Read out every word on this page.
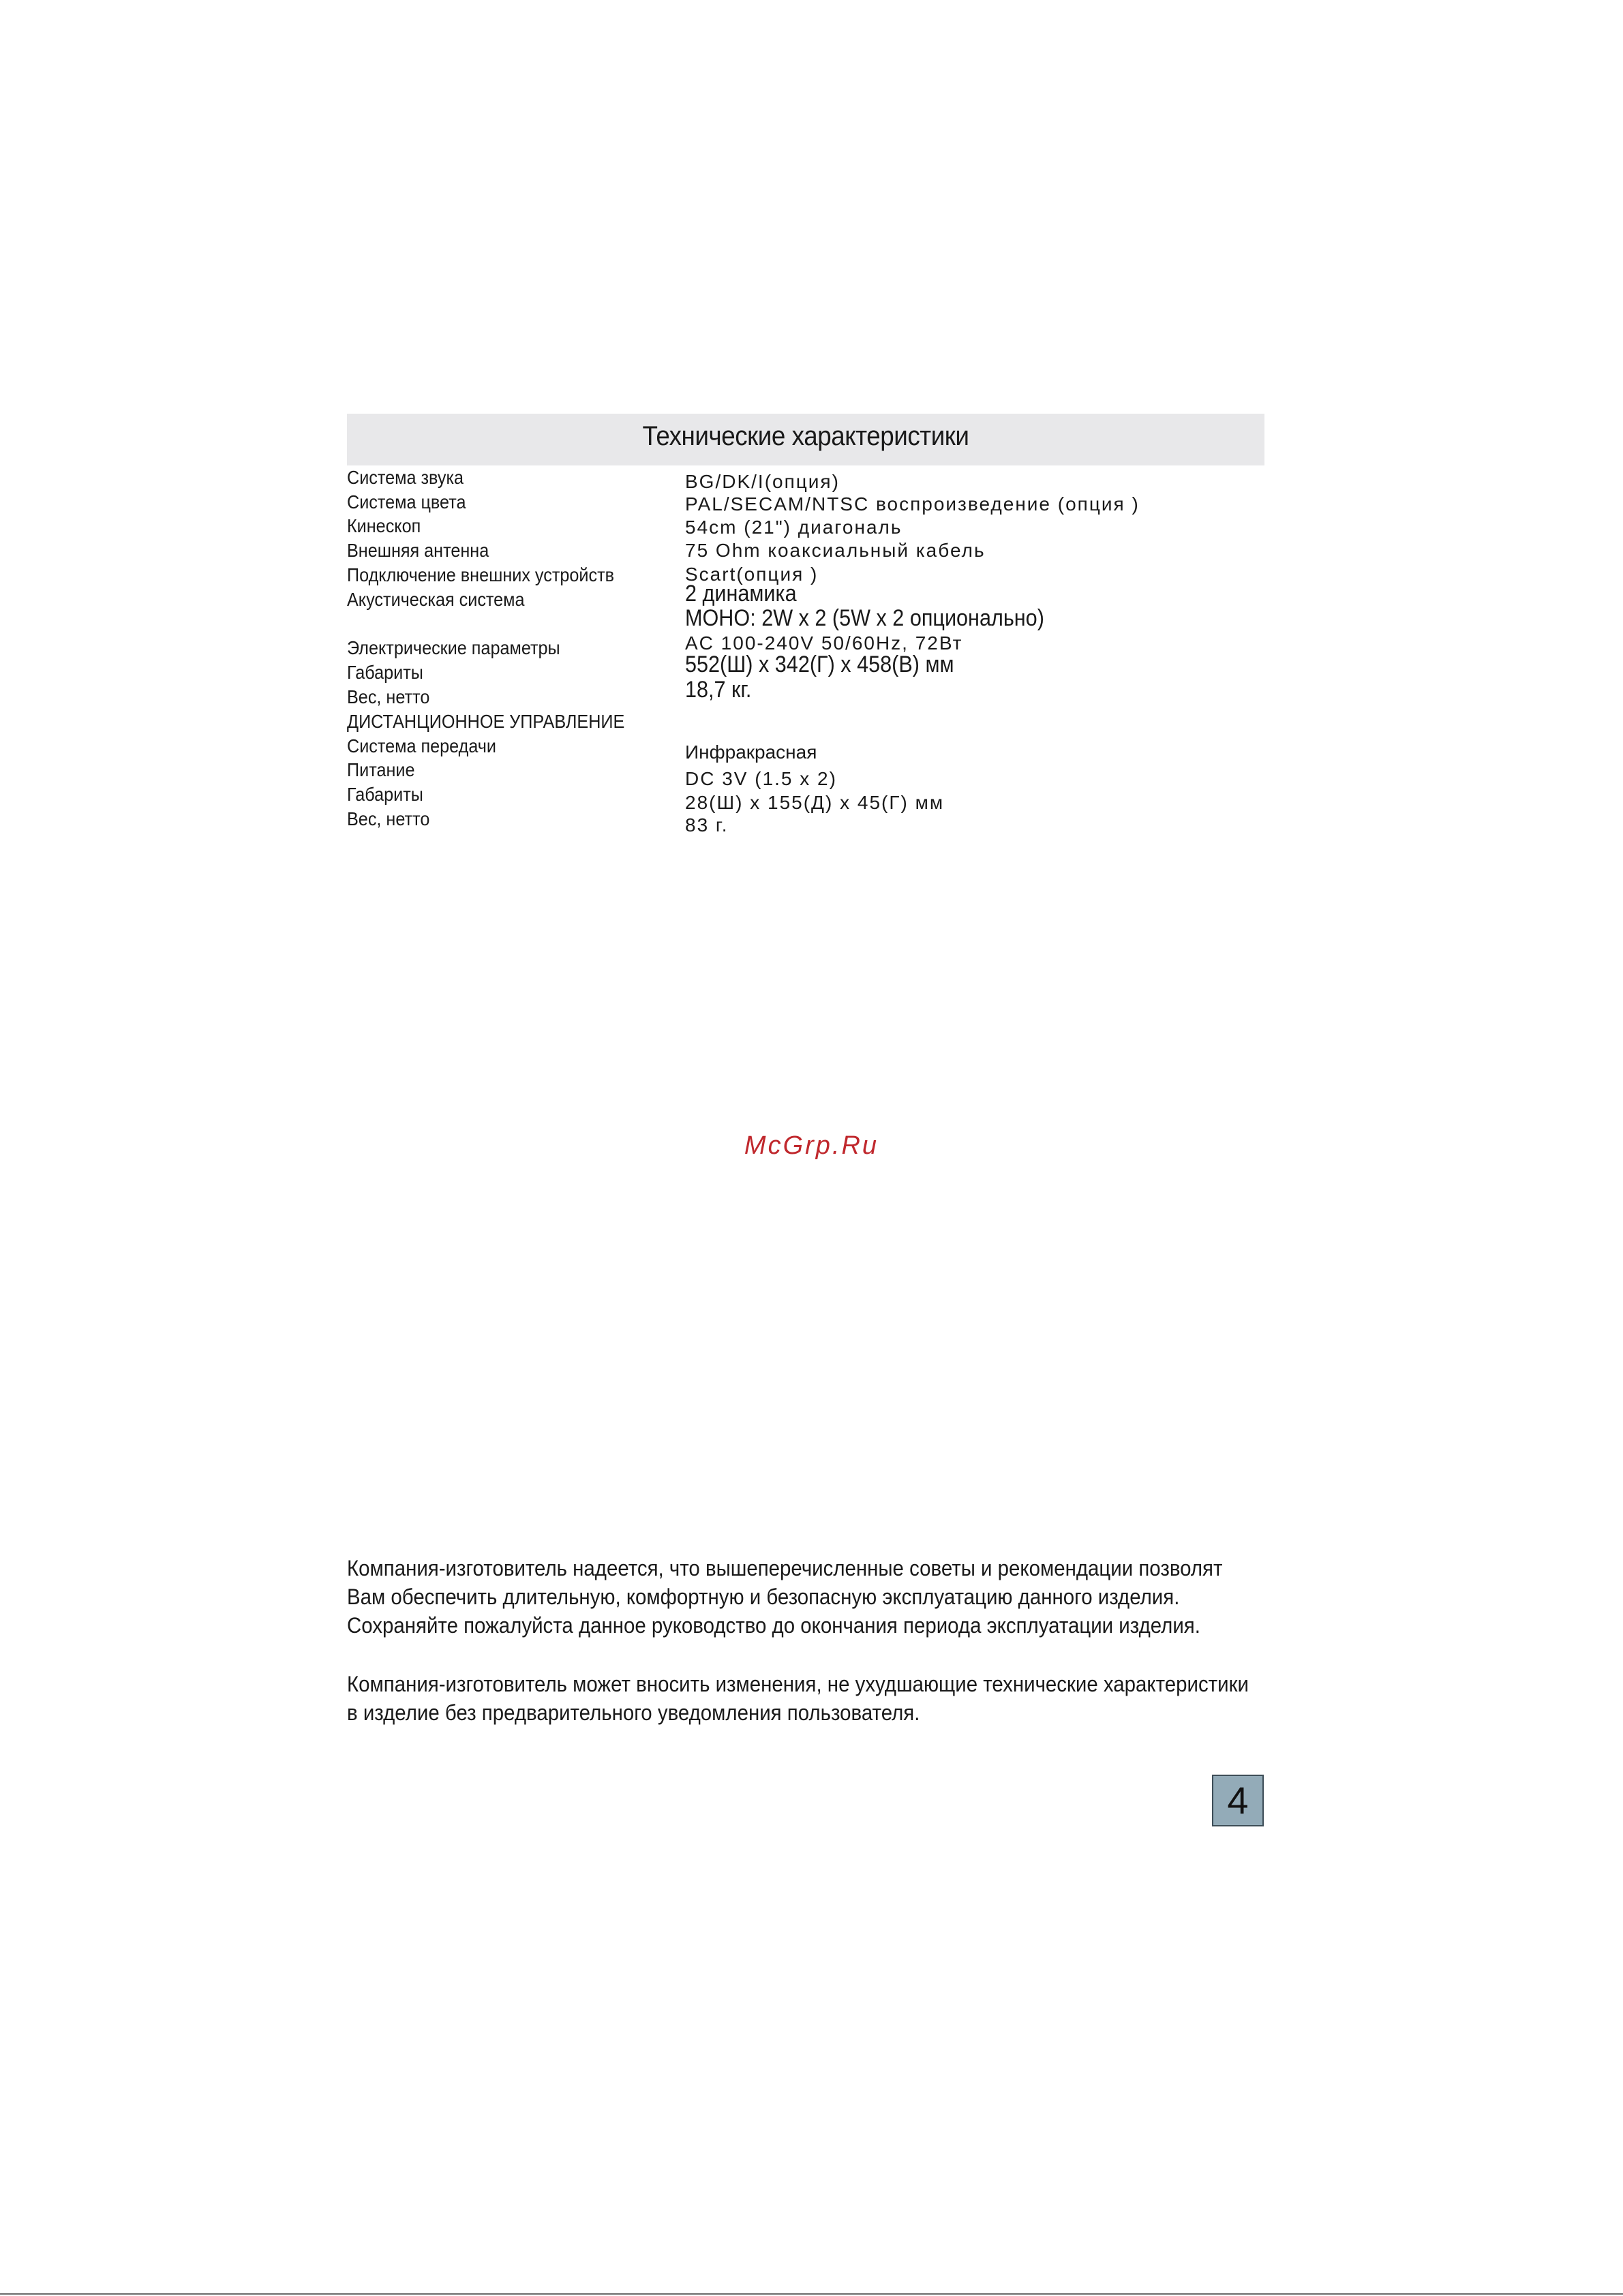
Технические характеристики
Система звука
Система цвета
Кинескоп
Внешняя антенна
Подключение внешних устройств
Акустическая система
Электрические параметры
Габариты
Вес, нетто
ДИСТАНЦИОННОЕ УПРАВЛЕНИЕ
Система передачи
Питание
Габариты
Вес, нетто
BG/DK/I(опция)
PAL/SECAM/NTSC воспроизведение (опция )
54cm (21") диагональ
75 Ohm коаксиальный кабель
Scart(опция )
2 динамика
МОНО: 2W x 2 (5W x 2 опционально)
AC 100-240V 50/60Hz, 72Вт
552(Ш) x 342(Г) x 458(В) мм
18,7 кг.
Инфракрасная
DC 3V (1.5 x 2)
28(Ш) x 155(Д) x 45(Г) мм
83 г.
McGrp.Ru
Компания-изготовитель надеется, что вышеперечисленные советы и рекомендации позволят
Вам обеспечить длительную, комфортную и безопасную эксплуатацию данного изделия.
Сохраняйте пожалуйста данное руководство до окончания периода эксплуатации изделия.
Компания-изготовитель может вносить изменения, не ухудшающие технические характеристики
в изделие без предварительного уведомления пользователя.
4
